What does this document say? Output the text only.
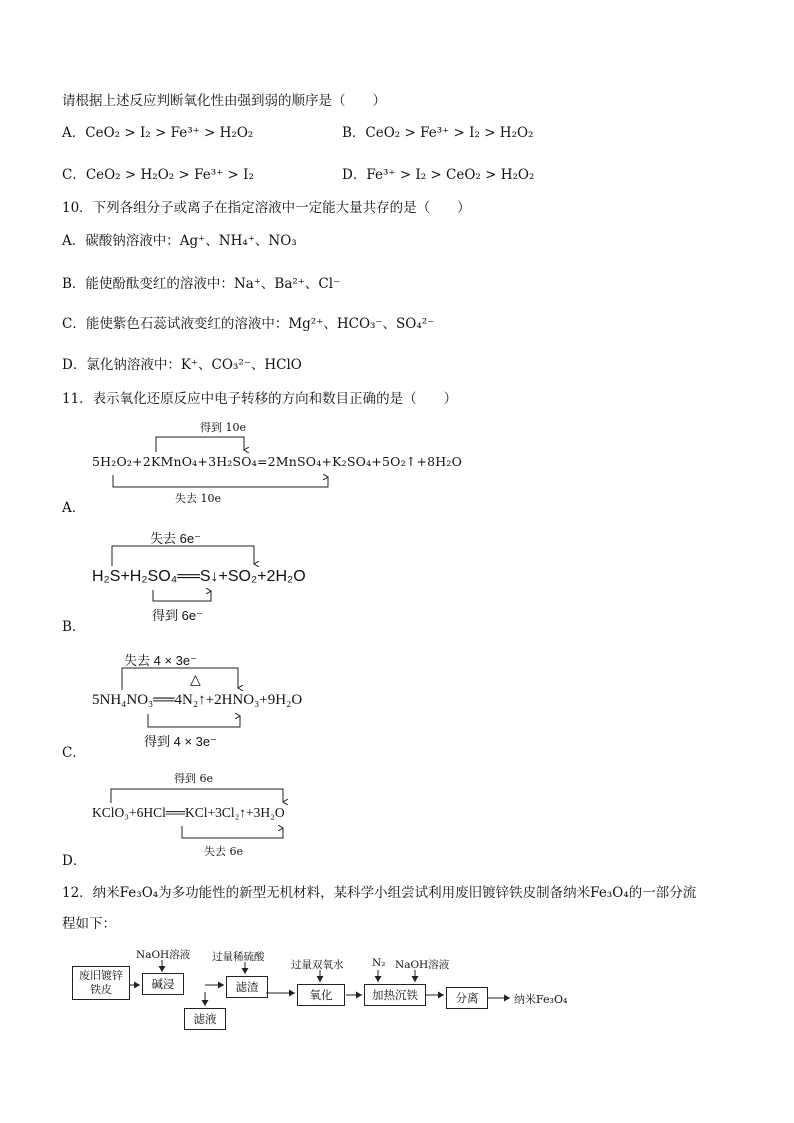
请根据上述反应判断氧化性由强到弱的顺序是（　　）
A．CeO₂ > I₂ > Fe³⁺ > H₂O₂	B．CeO₂ > Fe³⁺ > I₂ > H₂O₂
C．CeO₂ > H₂O₂ > Fe³⁺ > I₂	D．Fe³⁺ > I₂ > CeO₂ > H₂O₂
10．下列各组分子或离子在指定溶液中一定能大量共存的是（　　）
A．碳酸钠溶液中：Ag⁺、NH₄⁺、NO₃
B．能使酚酞变红的溶液中：Na⁺、Ba²⁺、Cl⁻
C．能使紫色石蕊试液变红的溶液中：Mg²⁺、HCO₃⁻、SO₄²⁻
D．氯化钠溶液中：K⁺、CO₃²⁻、HClO
11．表示氧化还原反应中电子转移的方向和数目正确的是（　　）
得到 10e
5H₂O₂+2KMnO₄+3H₂SO₄=2MnSO₄+K₂SO₄+5O₂↑+8H₂O
失去 10e
A．
失去 6e⁻
H₂S+H₂SO₄══S↓+SO₂+2H₂O
得到 6e⁻
B．
失去 4 × 3e⁻
△
5NH₄NO₃══4N₂↑+2HNO₃+9H₂O
得到 4 × 3e⁻
C．
得到 6e
KClO₃+6HCl══KCl+3Cl₂↑+3H₂O
失去 6e
D．
12．纳米Fe₃O₄为多功能性的新型无机材料，某科学小组尝试利用废旧镀锌铁皮制备纳米Fe₃O₄的一部分流
程如下：
废旧镀锌铁皮
NaOH溶液
碱浸
滤液
过量稀硫酸
滤渣
过量双氧水
氧化
N₂ NaOH溶液
加热沉铁	分离	纳米Fe₃O₄
